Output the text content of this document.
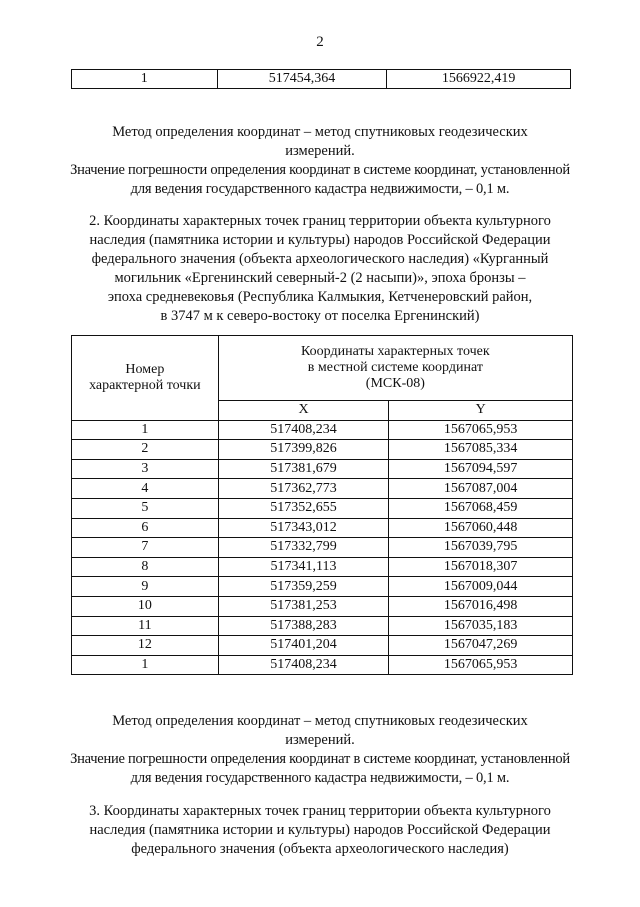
2
1	517454,364	1566922,419

Метод определения координат – метод спутниковых геодезических
измерений.
Значение погрешности определения координат в системе координат, установленной
для ведения государственного кадастра недвижимости, – 0,1 м.

2. Координаты характерных точек границ территории объекта культурного
наследия (памятника истории и культуры) народов Российской Федерации
федерального значения (объекта археологического наследия) «Курганный
могильник «Ергенинский северный-2 (2 насыпи)», эпоха бронзы –
эпоха средневековья (Республика Калмыкия, Кетченеровский район,
в 3747 м к северо-востоку от поселка Ергенинский)

Номер
характерной точки	Координаты характерных точек
в местной системе координат
(МСК-08)	
	X	Y
1	517408,234	1567065,953
2	517399,826	1567085,334
3	517381,679	1567094,597
4	517362,773	1567087,004
5	517352,655	1567068,459
6	517343,012	1567060,448
7	517332,799	1567039,795
8	517341,113	1567018,307
9	517359,259	1567009,044
10	517381,253	1567016,498
11	517388,283	1567035,183
12	517401,204	1567047,269
1	517408,234	1567065,953

Метод определения координат – метод спутниковых геодезических
измерений.
Значение погрешности определения координат в системе координат, установленной
для ведения государственного кадастра недвижимости, – 0,1 м.

3. Координаты характерных точек границ территории объекта культурного
наследия (памятника истории и культуры) народов Российской Федерации
федерального значения (объекта археологического наследия)
